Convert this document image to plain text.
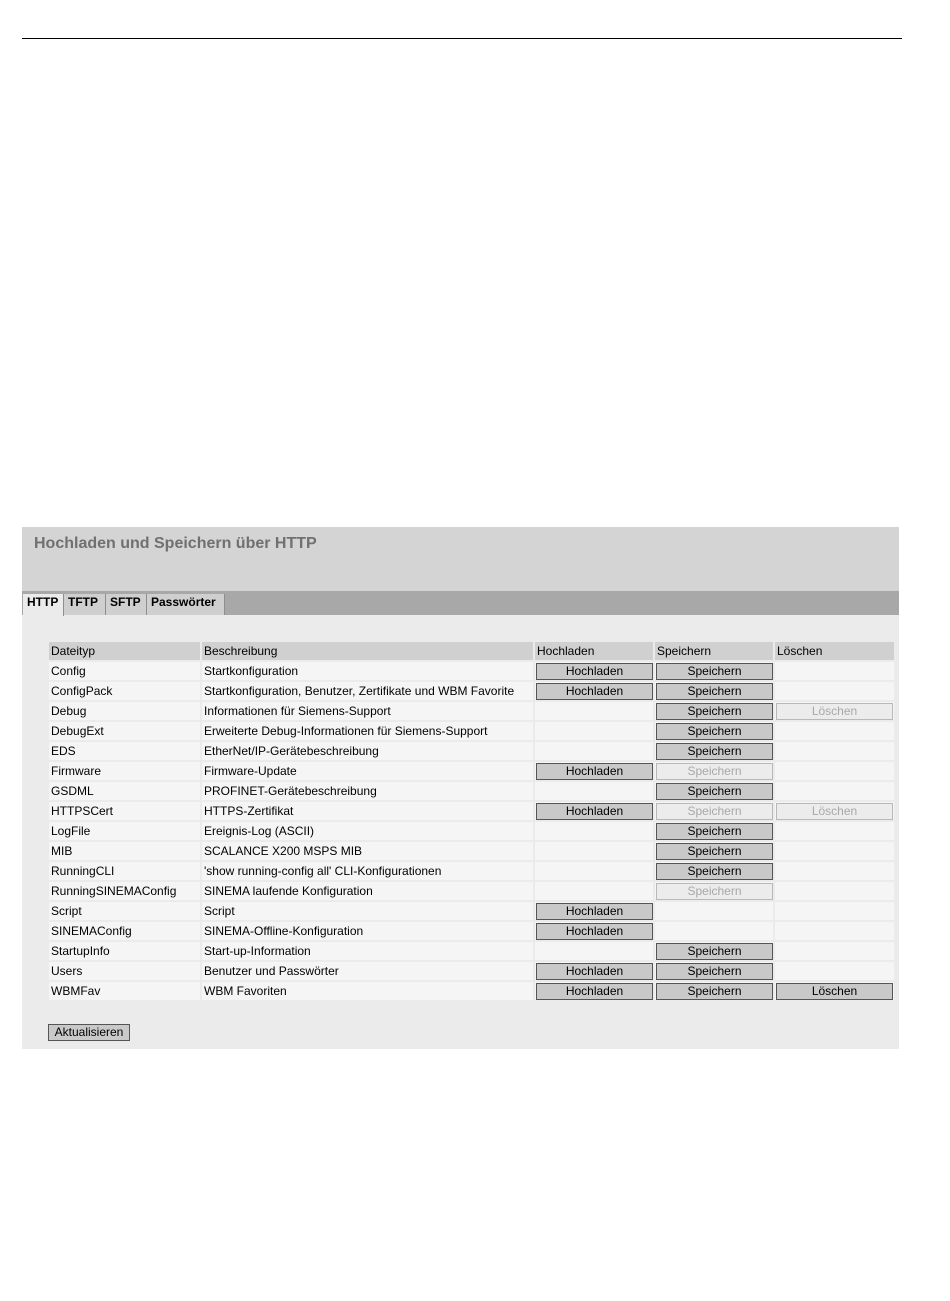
Hochladen und Speichern über HTTP
HTTP TFTP	SFTP Passwörter
Dateityp	Beschreibung	Hochladen	Speichern	Löschen
Config	Startkonfiguration	Hochladen	Speichern	

ConfigPack	Startkonfiguration, Benutzer, Zertifikate und WBM Favorite	Hochladen	Speichern	

Debug	Informationen für Siemens-Support		Speichern	Löschen

DebugExt	Erweiterte Debug-Informationen für Siemens-Support		Speichern	

EDS	EtherNet/IP-Gerätebeschreibung		Speichern	

Firmware	Firmware-Update	Hochladen	Speichern	

GSDML	PROFINET-Gerätebeschreibung		Speichern	

HTTPSCert	HTTPS-Zertifikat	Hochladen	Speichern	Löschen

LogFile	Ereignis-Log (ASCII)		Speichern	

MIB	SCALANCE X200 MSPS MIB		Speichern	

RunningCLI	'show running-config all' CLI-Konfigurationen		Speichern	

RunningSINEMAConfig	SINEMA laufende Konfiguration		Speichern	

Script	Script	Hochladen		

SINEMAConfig	SINEMA-Offline-Konfiguration	Hochladen		

StartupInfo	Start-up-Information		Speichern	

Users	Benutzer und Passwörter	Hochladen	Speichern	

WBMFav	WBM Favoriten	Hochladen	Speichern	Löschen
Aktualisieren
